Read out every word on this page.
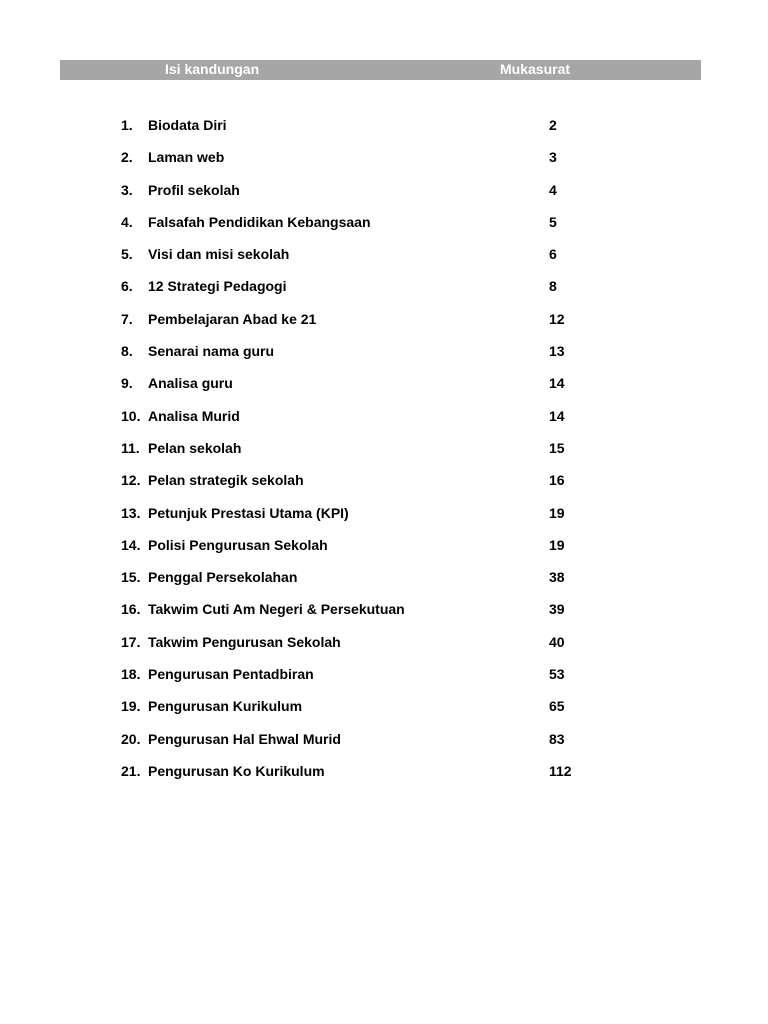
Isi kandungan	Mukasurat
1. Biodata Diri	2
2. Laman web	3
3. Profil sekolah	4
4. Falsafah Pendidikan Kebangsaan	5
5. Visi dan misi sekolah	6
6. 12 Strategi Pedagogi	8
7. Pembelajaran Abad ke 21	12
8. Senarai nama guru	13
9. Analisa guru	14
10. Analisa Murid	14
11. Pelan sekolah	15
12. Pelan strategik sekolah	16
13. Petunjuk Prestasi Utama (KPI)	19
14. Polisi Pengurusan Sekolah	19
15. Penggal Persekolahan	38
16. Takwim Cuti Am Negeri & Persekutuan	39
17. Takwim Pengurusan Sekolah	40
18. Pengurusan Pentadbiran	53
19. Pengurusan Kurikulum	65
20. Pengurusan Hal Ehwal Murid	83
21. Pengurusan Ko Kurikulum	112
